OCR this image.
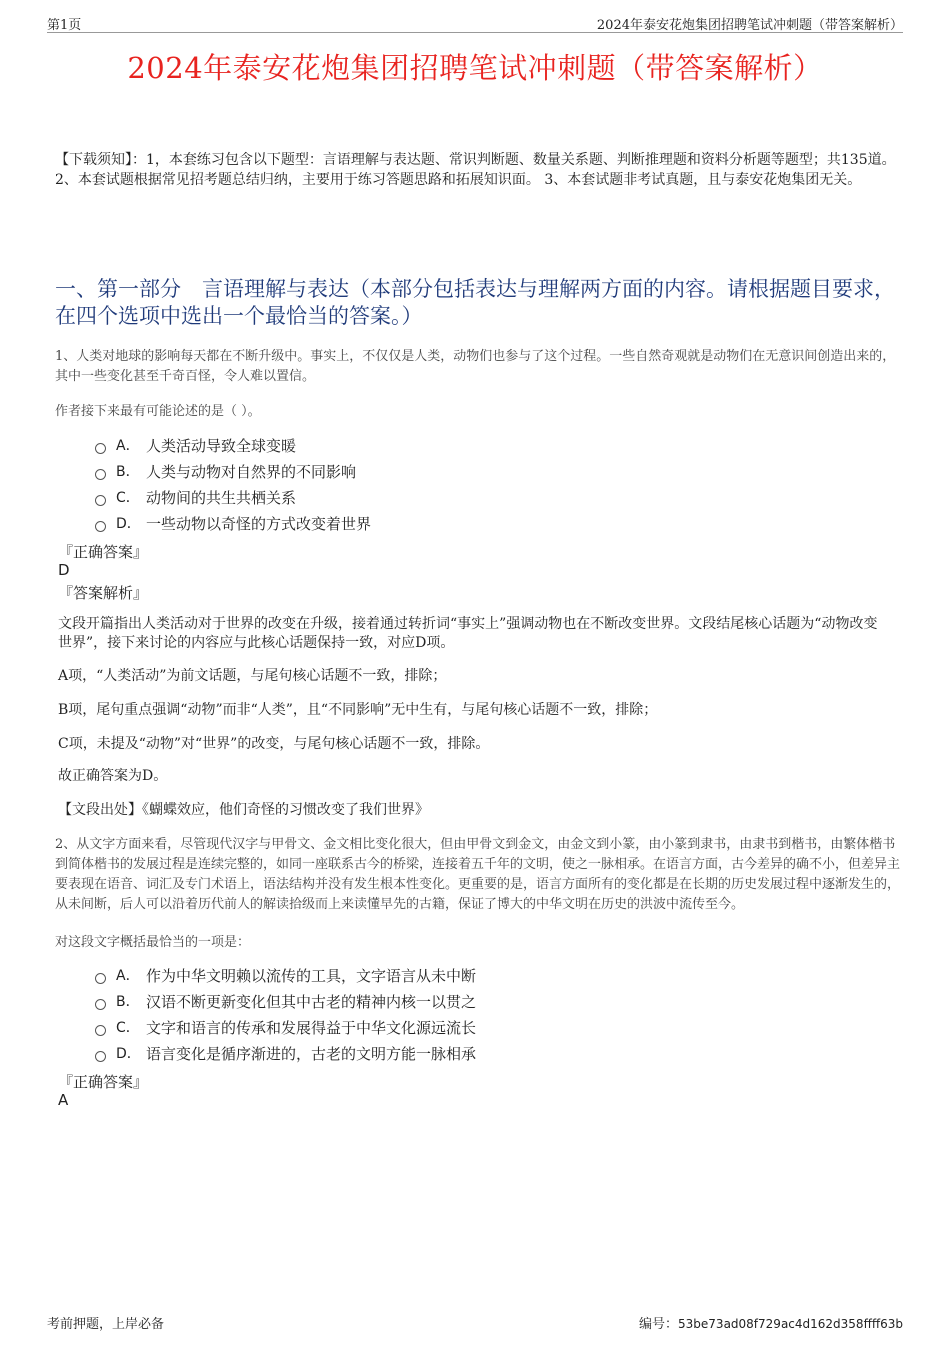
第1页	2024年泰安花炮集团招聘笔试冲刺题（带答案解析）
2024年泰安花炮集团招聘笔试冲刺题（带答案解析）
【下载须知】：1，本套练习包含以下题型：言语理解与表达题、常识判断题、数量关系题、判断推理题和资料分析题等题型；共135道。 2、本套试题根据常见招考题总结归纳，主要用于练习答题思路和拓展知识面。 3、本套试题非考试真题，且与泰安花炮集团无关。
一、第一部分　言语理解与表达（本部分包括表达与理解两方面的内容。请根据题目要求，在四个选项中选出一个最恰当的答案。）
1、人类对地球的影响每天都在不断升级中。事实上，不仅仅是人类，动物们也参与了这个过程。一些自然奇观就是动物们在无意识间创造出来的，其中一些变化甚至千奇百怪，令人难以置信。
作者接下来最有可能论述的是（ ）。
A． 人类活动导致全球变暖
B． 人类与动物对自然界的不同影响
C． 动物间的共生共栖关系
D． 一些动物以奇怪的方式改变着世界
『正确答案』
D
『答案解析』
文段开篇指出人类活动对于世界的改变在升级，接着通过转折词“事实上”强调动物也在不断改变世界。文段结尾核心话题为“动物改变世界”，接下来讨论的内容应与此核心话题保持一致，对应D项。
A项，“人类活动”为前文话题，与尾句核心话题不一致，排除；
B项，尾句重点强调“动物”而非“人类”，且“不同影响”无中生有，与尾句核心话题不一致，排除；
C项，未提及“动物”对“世界”的改变，与尾句核心话题不一致，排除。
故正确答案为D。
【文段出处】《蝴蝶效应，他们奇怪的习惯改变了我们世界》
2、从文字方面来看，尽管现代汉字与甲骨文、金文相比变化很大，但由甲骨文到金文，由金文到小篆，由小篆到隶书，由隶书到楷书，由繁体楷书到简体楷书的发展过程是连续完整的，如同一座联系古今的桥梁，连接着五千年的文明，使之一脉相承。在语言方面，古今差异的确不小，但差异主要表现在语音、词汇及专门术语上，语法结构并没有发生根本性变化。更重要的是，语言方面所有的变化都是在长期的历史发展过程中逐渐发生的，从未间断，后人可以沿着历代前人的解读拾级而上来读懂早先的古籍，保证了博大的中华文明在历史的洪波中流传至今。
对这段文字概括最恰当的一项是：
A． 作为中华文明赖以流传的工具，文字语言从未中断
B． 汉语不断更新变化但其中古老的精神内核一以贯之
C． 文字和语言的传承和发展得益于中华文化源远流长
D． 语言变化是循序渐进的，古老的文明方能一脉相承
『正确答案』
A
考前押题，上岸必备	编号：53be73ad08f729ac4d162d358ffff63b
